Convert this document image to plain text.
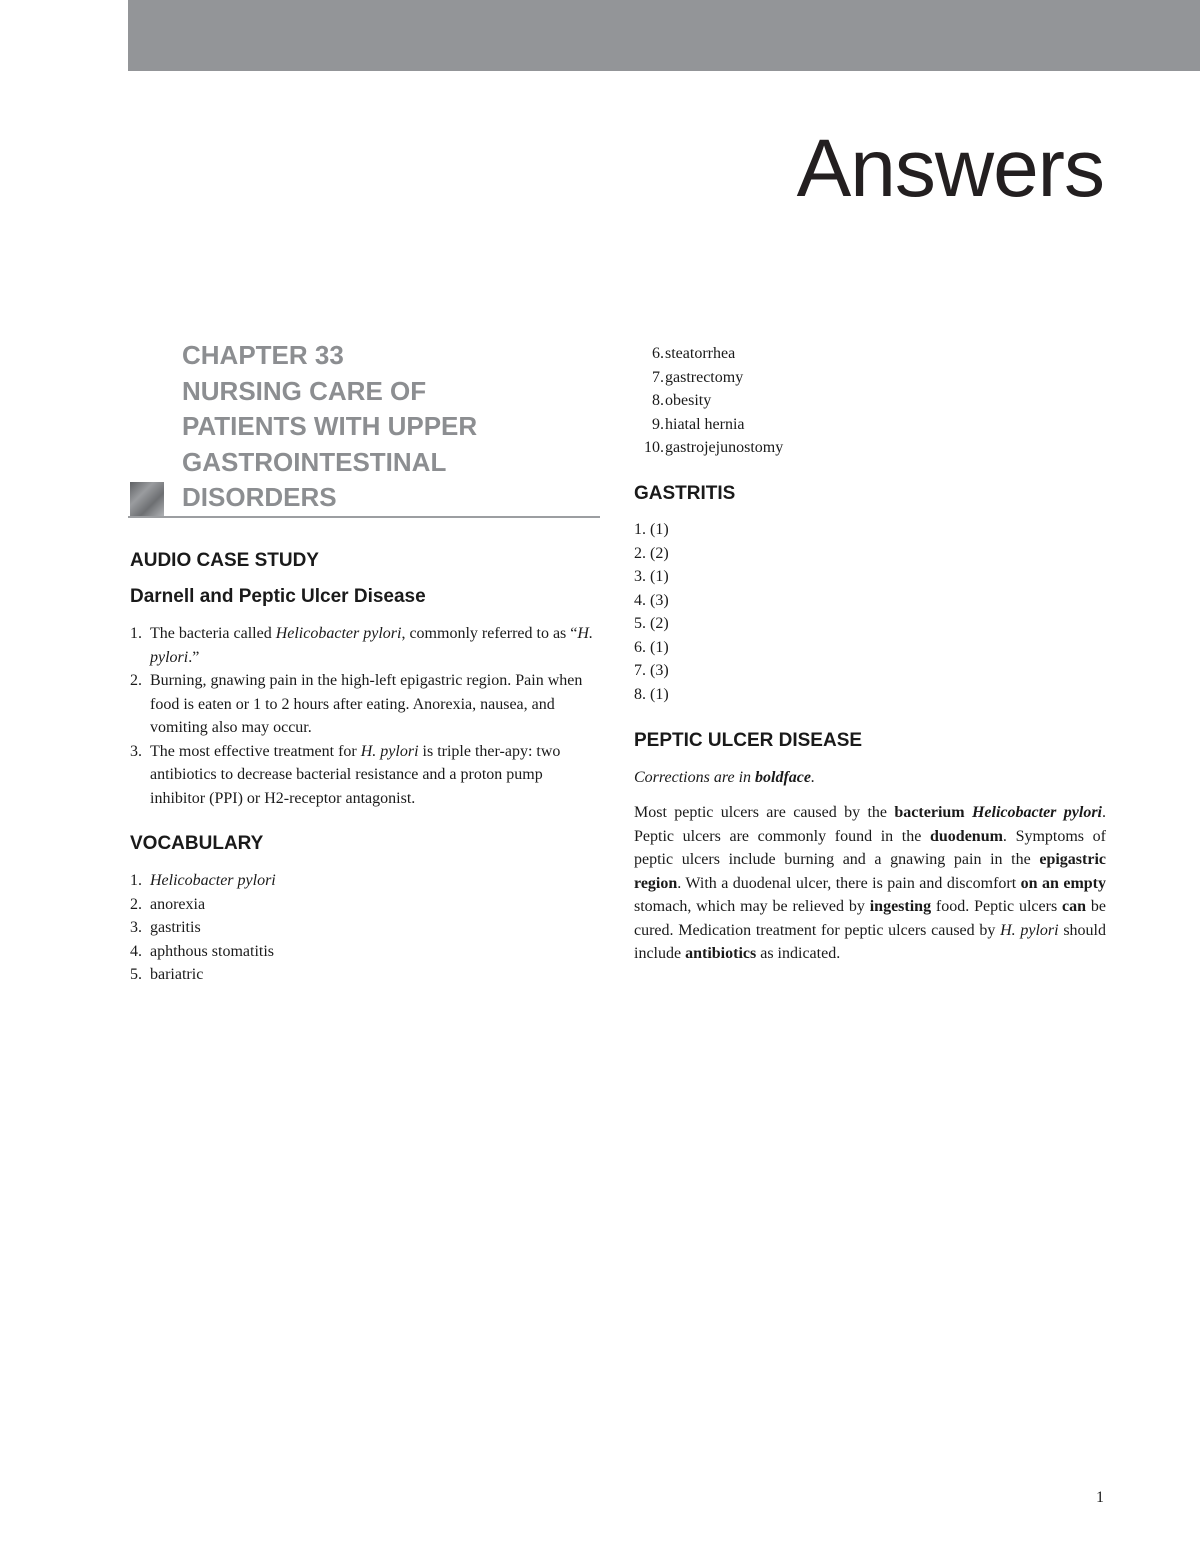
Answers
CHAPTER 33
NURSING CARE OF
PATIENTS WITH UPPER
GASTROINTESTINAL
DISORDERS
AUDIO CASE STUDY
Darnell and Peptic Ulcer Disease
1. The bacteria called Helicobacter pylori, commonly referred to as “H. pylori.”
2. Burning, gnawing pain in the high-left epigastric region. Pain when food is eaten or 1 to 2 hours after eating. Anorexia, nausea, and vomiting also may occur.
3. The most effective treatment for H. pylori is triple ther-apy: two antibiotics to decrease bacterial resistance and a proton pump inhibitor (PPI) or H2-receptor antagonist.
VOCABULARY
1. Helicobacter pylori
2. anorexia
3. gastritis
4. aphthous stomatitis
5. bariatric
6. steatorrhea
7. gastrectomy
8. obesity
9. hiatal hernia
10. gastrojejunostomy
GASTRITIS
1. (1)
2. (2)
3. (1)
4. (3)
5. (2)
6. (1)
7. (3)
8. (1)
PEPTIC ULCER DISEASE

Corrections are in boldface.

Most peptic ulcers are caused by the bacterium Helicobacter pylori. Peptic ulcers are commonly found in the duodenum. Symptoms of peptic ulcers include burning and a gnawing pain in the epigastric region. With a duodenal ulcer, there is pain and discomfort on an empty stomach, which may be relieved by ingesting food. Peptic ulcers can be cured. Medication treatment for peptic ulcers caused by H. pylori should include antibiotics as indicated.

1
